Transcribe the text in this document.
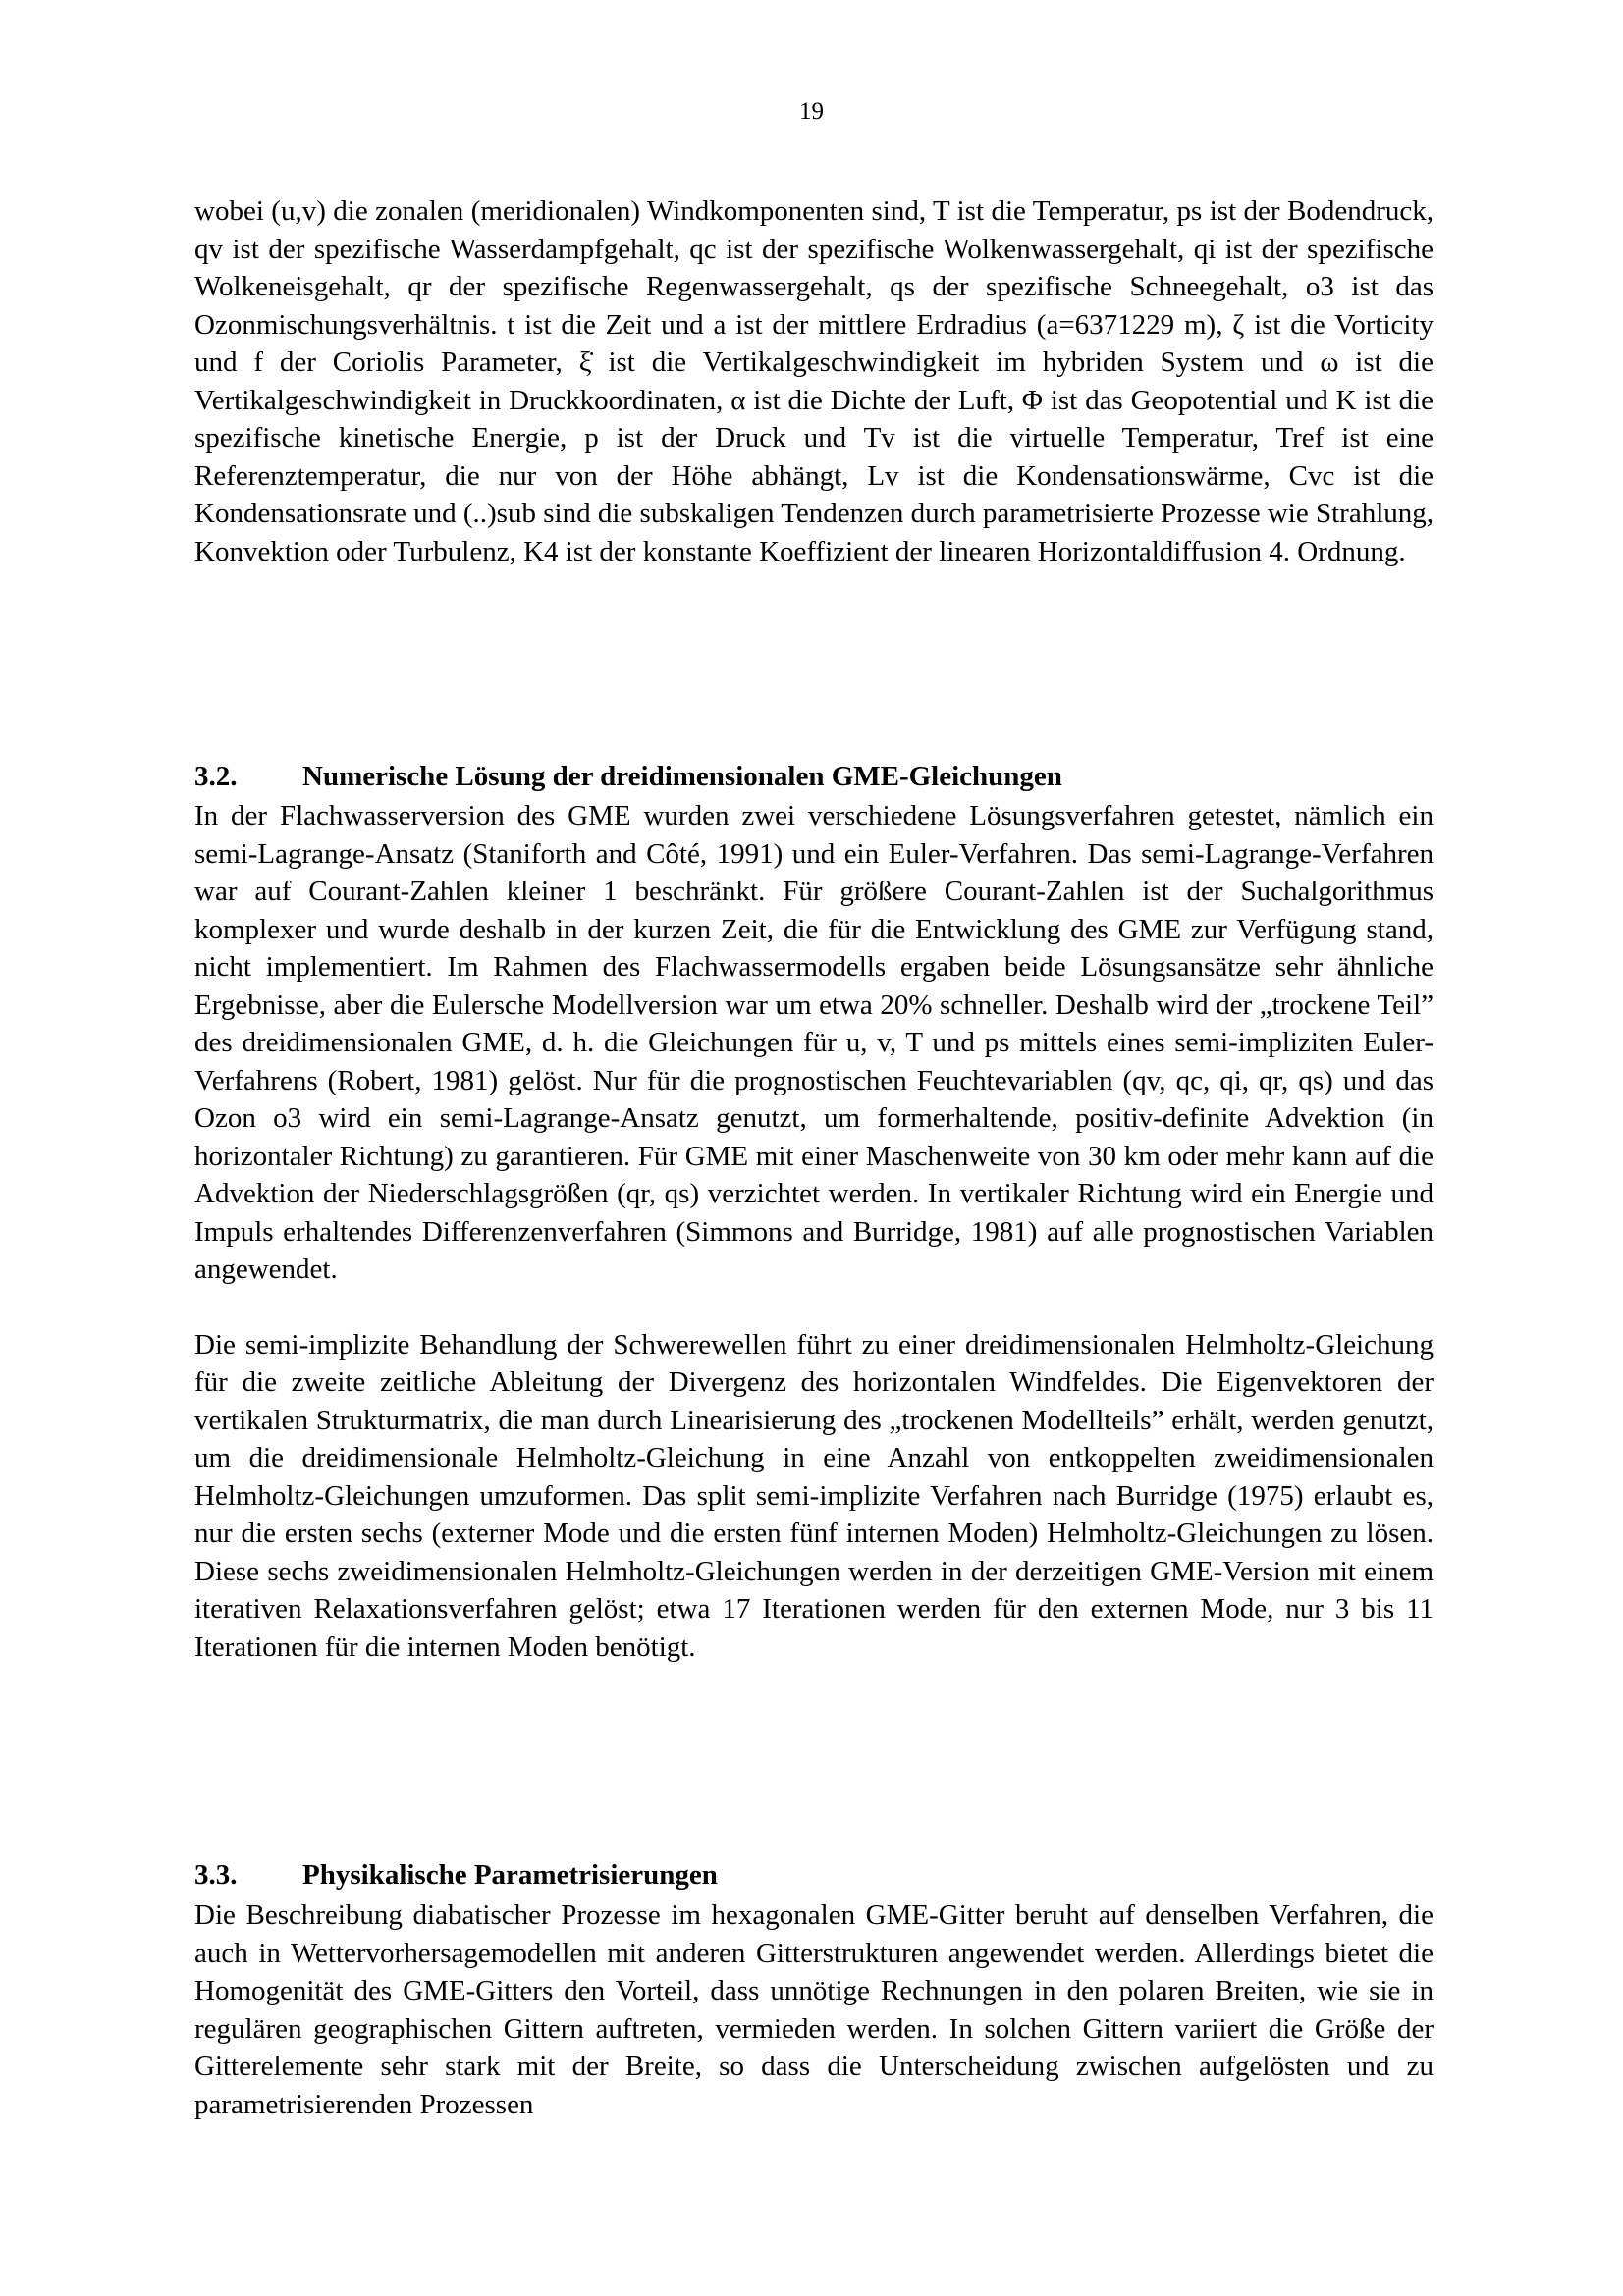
19

wobei (u,v) die zonalen (meridionalen) Windkomponenten sind, T ist die Temperatur, ps ist der Bodendruck, qv ist der spezifische Wasserdampfgehalt, qc ist der spezifische Wolkenwassergehalt, qi ist der spezifische Wolkeneisgehalt, qr der spezifische Regenwassergehalt, qs der spezifische Schneegehalt, o3 ist das Ozonmischungsverhältnis. t ist die Zeit und a ist der mittlere Erdradius (a=6371229 m), ζ ist die Vorticity und f der Coriolis Parameter, ξ̇ ist die Vertikalgeschwindigkeit im hybriden System und ω ist die Vertikalgeschwindigkeit in Druckkoordinaten, α ist die Dichte der Luft, Φ ist das Geopotential und K ist die spezifische kinetische Energie, p ist der Druck und Tv ist die virtuelle Temperatur, Tref ist eine Referenztemperatur, die nur von der Höhe abhängt, Lv ist die Kondensationswärme, Cvc ist die Kondensationsrate und (..)sub sind die subskaligen Tendenzen durch parametrisierte Prozesse wie Strahlung, Konvektion oder Turbulenz, K4 ist der konstante Koeffizient der linearen Horizontaldiffusion 4. Ordnung.

3.2. Numerische Lösung der dreidimensionalen GME-Gleichungen

In der Flachwasserversion des GME wurden zwei verschiedene Lösungsverfahren getestet, nämlich ein semi-Lagrange-Ansatz (Staniforth and Côté, 1991) und ein Euler-Verfahren. Das semi-Lagrange-Verfahren war auf Courant-Zahlen kleiner 1 beschränkt. Für größere Courant-Zahlen ist der Suchalgorithmus komplexer und wurde deshalb in der kurzen Zeit, die für die Entwicklung des GME zur Verfügung stand, nicht implementiert. Im Rahmen des Flachwassermodells ergaben beide Lösungsansätze sehr ähnliche Ergebnisse, aber die Eulersche Modellversion war um etwa 20% schneller. Deshalb wird der „trockene Teil” des dreidimensionalen GME, d. h. die Gleichungen für u, v, T und ps mittels eines semi-impliziten Euler-Verfahrens (Robert, 1981) gelöst. Nur für die prognostischen Feuchtevariablen (qv, qc, qi, qr, qs) und das Ozon o3 wird ein semi-Lagrange-Ansatz genutzt, um formerhaltende, positiv-definite Advektion (in horizontaler Richtung) zu garantieren. Für GME mit einer Maschenweite von 30 km oder mehr kann auf die Advektion der Niederschlagsgrößen (qr, qs) verzichtet werden. In vertikaler Richtung wird ein Energie und Impuls erhaltendes Differenzenverfahren (Simmons and Burridge, 1981) auf alle prognostischen Variablen angewendet.

Die semi-implizite Behandlung der Schwerewellen führt zu einer dreidimensionalen Helmholtz-Gleichung für die zweite zeitliche Ableitung der Divergenz des horizontalen Windfeldes. Die Eigenvektoren der vertikalen Strukturmatrix, die man durch Linearisierung des „trockenen Modellteils” erhält, werden genutzt, um die dreidimensionale Helmholtz-Gleichung in eine Anzahl von entkoppelten zweidimensionalen Helmholtz-Gleichungen umzuformen. Das split semi-implizite Verfahren nach Burridge (1975) erlaubt es, nur die ersten sechs (externer Mode und die ersten fünf internen Moden) Helmholtz-Gleichungen zu lösen. Diese sechs zweidimensionalen Helmholtz-Gleichungen werden in der derzeitigen GME-Version mit einem iterativen Relaxationsverfahren gelöst; etwa 17 Iterationen werden für den externen Mode, nur 3 bis 11 Iterationen für die internen Moden benötigt.

3.3. Physikalische Parametrisierungen

Die Beschreibung diabatischer Prozesse im hexagonalen GME-Gitter beruht auf denselben Verfahren, die auch in Wettervorhersagemodellen mit anderen Gitterstrukturen angewendet werden. Allerdings bietet die Homogenität des GME-Gitters den Vorteil, dass unnötige Rechnungen in den polaren Breiten, wie sie in regulären geographischen Gittern auftreten, vermieden werden. In solchen Gittern variiert die Größe der Gitterelemente sehr stark mit der Breite, so dass die Unterscheidung zwischen aufgelösten und zu parametrisierenden Prozessen
